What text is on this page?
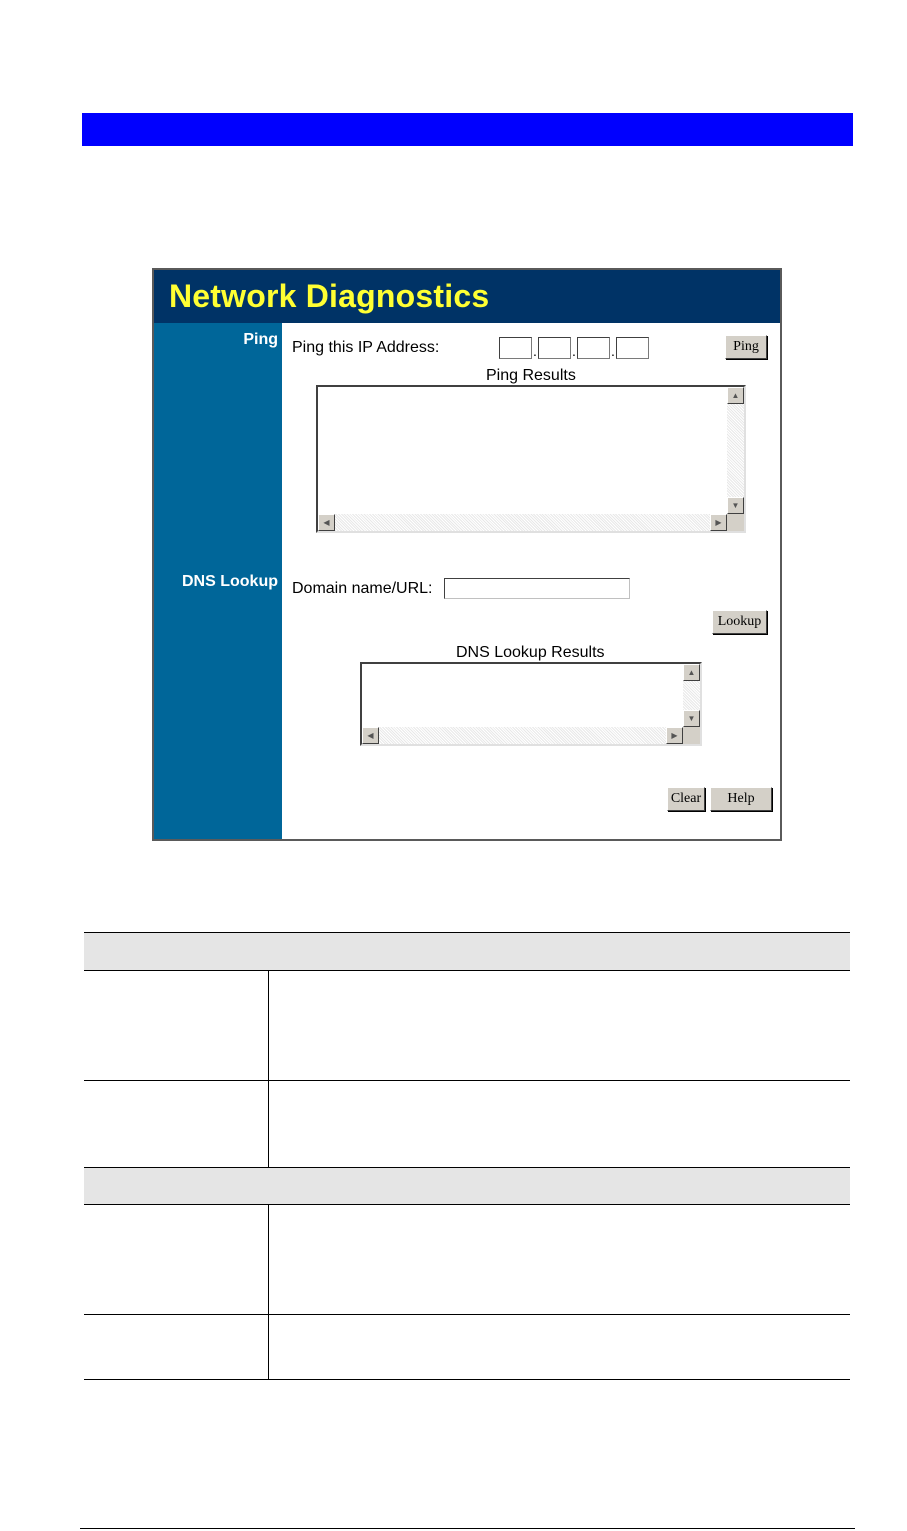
Network Diagnostics
Ping
DNS Lookup
Ping this IP Address:	.	.	.	Ping
Ping Results
▲
▼
◀	▶
Domain name/URL:
Lookup
DNS Lookup Results
▲
▼
◀	▶
Clear	Help
